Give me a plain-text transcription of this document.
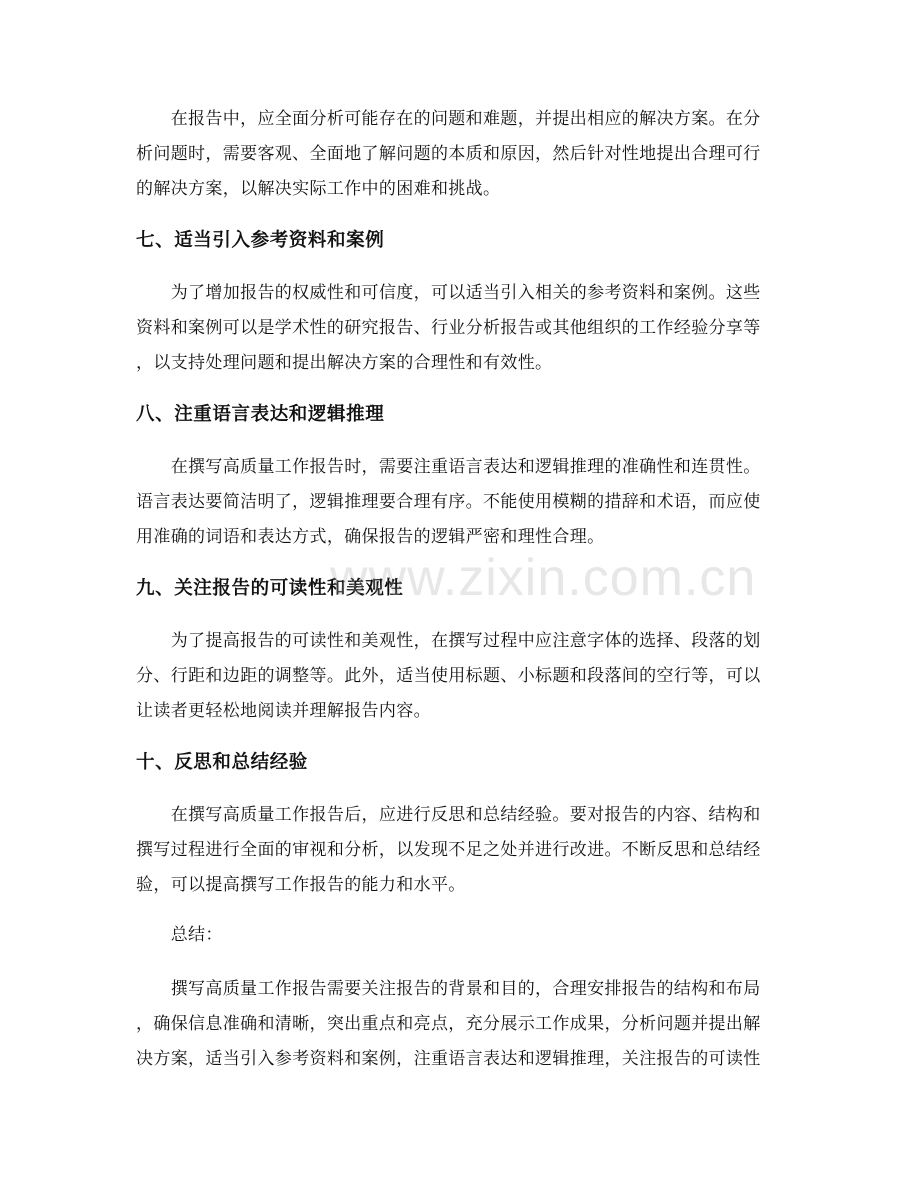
　　在报告中，应全面分析可能存在的问题和难题，并提出相应的解决方案。在分
析问题时，需要客观、全面地了解问题的本质和原因，然后针对性地提出合理可行
的解决方案，以解决实际工作中的困难和挑战。

七、适当引入参考资料和案例

　　为了增加报告的权威性和可信度，可以适当引入相关的参考资料和案例。这些
资料和案例可以是学术性的研究报告、行业分析报告或其他组织的工作经验分享等
，以支持处理问题和提出解决方案的合理性和有效性。

八、注重语言表达和逻辑推理

　　在撰写高质量工作报告时，需要注重语言表达和逻辑推理的准确性和连贯性。
语言表达要简洁明了，逻辑推理要合理有序。不能使用模糊的措辞和术语，而应使
用准确的词语和表达方式，确保报告的逻辑严密和理性合理。

九、关注报告的可读性和美观性

　　为了提高报告的可读性和美观性，在撰写过程中应注意字体的选择、段落的划
分、行距和边距的调整等。此外，适当使用标题、小标题和段落间的空行等，可以
让读者更轻松地阅读并理解报告内容。

十、反思和总结经验

　　在撰写高质量工作报告后，应进行反思和总结经验。要对报告的内容、结构和
撰写过程进行全面的审视和分析，以发现不足之处并进行改进。不断反思和总结经
验，可以提高撰写工作报告的能力和水平。

　　总结：

　　撰写高质量工作报告需要关注报告的背景和目的，合理安排报告的结构和布局
，确保信息准确和清晰，突出重点和亮点，充分展示工作成果，分析问题并提出解
决方案，适当引入参考资料和案例，注重语言表达和逻辑推理，关注报告的可读性

www.zixin.com.cn
